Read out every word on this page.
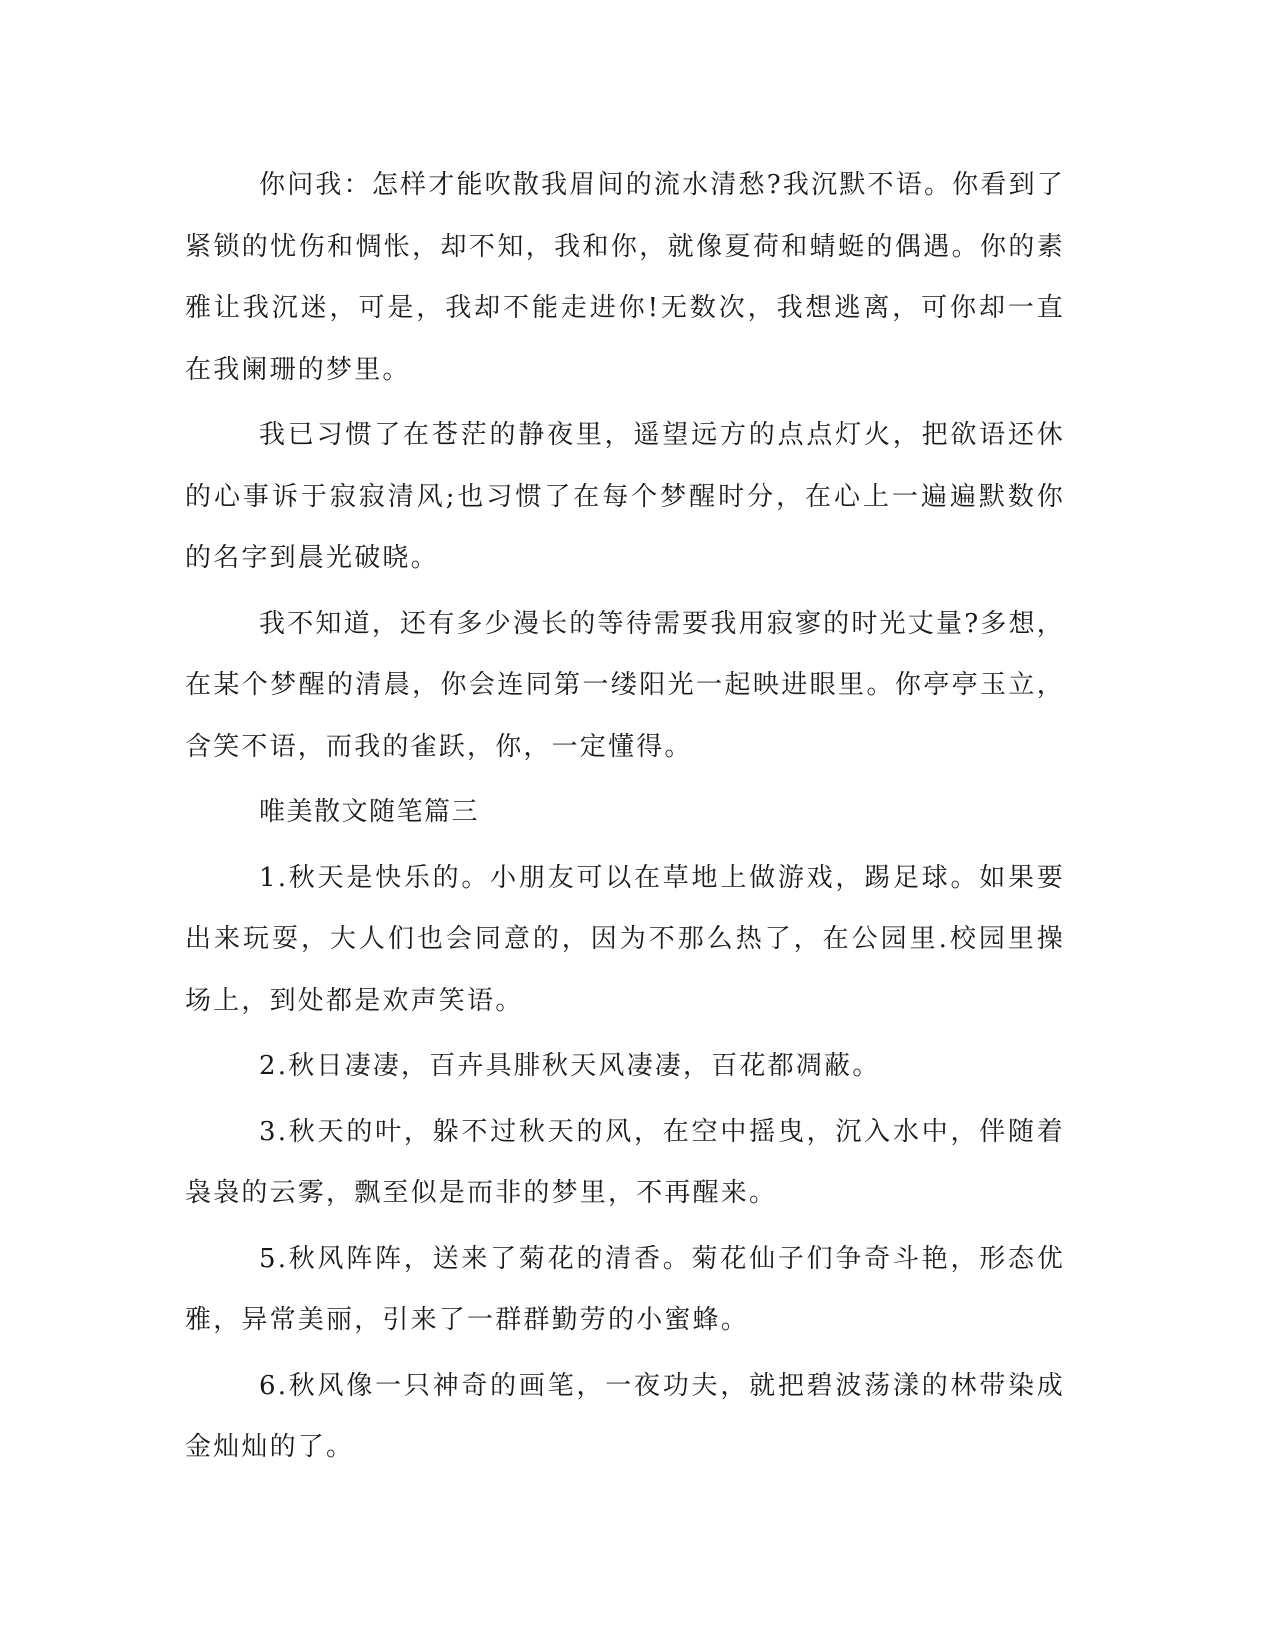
你问我：怎样才能吹散我眉间的流水清愁?我沉默不语。你看到了紧锁的忧伤和惆怅，却不知，我和你，就像夏荷和蜻蜓的偶遇。你的素雅让我沉迷，可是，我却不能走进你!无数次，我想逃离，可你却一直在我阑珊的梦里。

我已习惯了在苍茫的静夜里，遥望远方的点点灯火，把欲语还休的心事诉于寂寂清风;也习惯了在每个梦醒时分，在心上一遍遍默数你的名字到晨光破晓。

我不知道，还有多少漫长的等待需要我用寂寥的时光丈量?多想，在某个梦醒的清晨，你会连同第一缕阳光一起映进眼里。你亭亭玉立，含笑不语，而我的雀跃，你，一定懂得。

唯美散文随笔篇三

1.秋天是快乐的。小朋友可以在草地上做游戏，踢足球。如果要出来玩耍，大人们也会同意的，因为不那么热了，在公园里.校园里操场上，到处都是欢声笑语。

2.秋日凄凄，百卉具腓秋天风凄凄，百花都凋蔽。

3.秋天的叶，躲不过秋天的风，在空中摇曳，沉入水中，伴随着袅袅的云雾，飘至似是而非的梦里，不再醒来。

5.秋风阵阵，送来了菊花的清香。菊花仙子们争奇斗艳，形态优雅，异常美丽，引来了一群群勤劳的小蜜蜂。

6.秋风像一只神奇的画笔，一夜功夫，就把碧波荡漾的林带染成金灿灿的了。
